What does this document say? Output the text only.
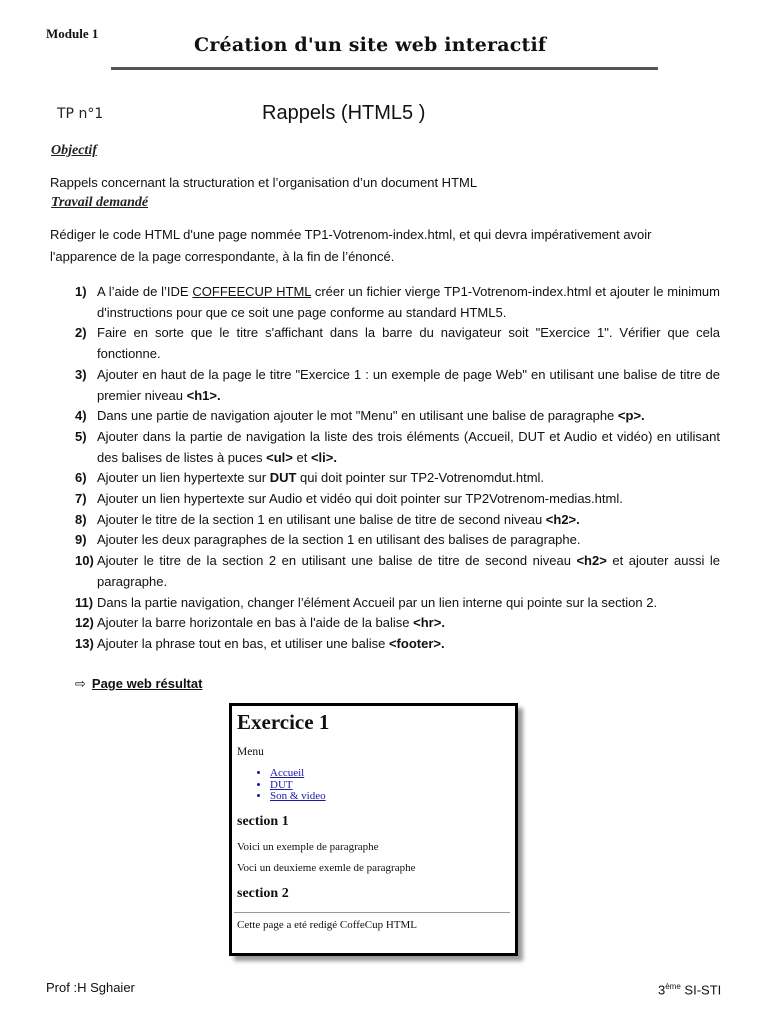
Module 1
Création d'un site web interactif
TP n°1	Rappels (HTML5 )
Objectif
Rappels concernant la structuration et l’organisation d’un document HTML
Travail demandé
Rédiger le code HTML d'une page nommée TP1-Votrenom-index.html, et qui devra impérativement avoir
l'apparence de la page correspondante, à la fin de l’énoncé.
1) A l’aide de l’IDE COFFEECUP HTML créer un fichier vierge TP1-Votrenom-index.html et ajouter le minimum d'instructions pour que ce soit une page conforme au standard HTML5.
2) Faire en sorte que le titre s'affichant dans la barre du navigateur soit "Exercice 1". Vérifier que cela fonctionne.
3) Ajouter en haut de la page le titre "Exercice 1 : un exemple de page Web" en utilisant une balise de titre de premier niveau <h1>.
4) Dans une partie de navigation ajouter le mot "Menu" en utilisant une balise de paragraphe <p>.
5) Ajouter dans la partie de navigation la liste des trois éléments (Accueil, DUT et Audio et vidéo) en utilisant des balises de listes à puces <ul> et <li>.
6) Ajouter un lien hypertexte sur DUT qui doit pointer sur TP2-Votrenomdut.html.
7) Ajouter un lien hypertexte sur Audio et vidéo qui doit pointer sur TP2Votrenom-medias.html.
8) Ajouter le titre de la section 1 en utilisant une balise de titre de second niveau <h2>.
9) Ajouter les deux paragraphes de la section 1 en utilisant des balises de paragraphe.
10) Ajouter le titre de la section 2 en utilisant une balise de titre de second niveau <h2> et ajouter aussi le paragraphe.
11) Dans la partie navigation, changer l’élément Accueil par un lien interne qui pointe sur la section 2.
12) Ajouter la barre horizontale en bas à l'aide de la balise <hr>.
13) Ajouter la phrase tout en bas, et utiliser une balise <footer>.
⇨ Page web résultat
Exercice 1
Menu
• Accueil
• DUT
• Son & video
section 1
Voici un exemple de paragraphe
Voci un deuxieme exemle de paragraphe
section 2
Cette page a eté redigé CoffeCup HTML
Prof :H Sghaier	3ème SI-STI
